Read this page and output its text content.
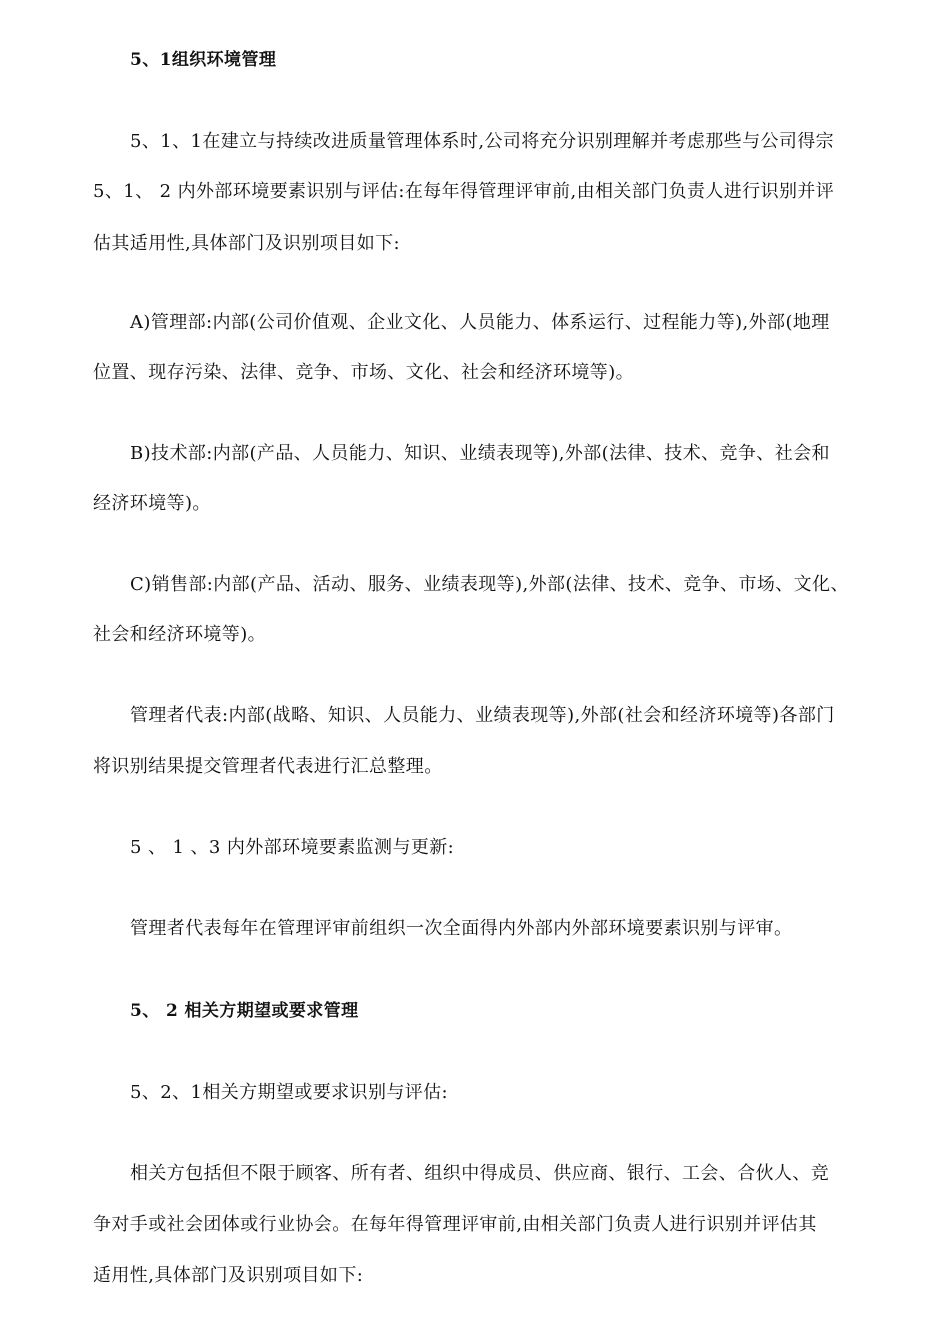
5、1组织环境管理
5、1、1在建立与持续改进质量管理体系时,公司将充分识别理解并考虑那些与公司得宗
5、1、 2 内外部环境要素识别与评估:在每年得管理评审前,由相关部门负责人进行识别并评
估其适用性,具体部门及识别项目如下:
A)管理部:内部(公司价值观、企业文化、人员能力、体系运行、过程能力等),外部(地理
位置、现存污染、法律、竞争、市场、文化、社会和经济环境等)。
B)技术部:内部(产品、人员能力、知识、业绩表现等),外部(法律、技术、竞争、社会和
经济环境等)。
C)销售部:内部(产品、活动、服务、业绩表现等),外部(法律、技术、竞争、市场、文化、
社会和经济环境等)。
管理者代表:内部(战略、知识、人员能力、业绩表现等),外部(社会和经济环境等)各部门
将识别结果提交管理者代表进行汇总整理。
5 、 1 、3 内外部环境要素监测与更新:
管理者代表每年在管理评审前组织一次全面得内外部内外部环境要素识别与评审。
5、 2 相关方期望或要求管理
5、2、1相关方期望或要求识别与评估:
相关方包括但不限于顾客、所有者、组织中得成员、供应商、银行、工会、合伙人、竞
争对手或社会团体或行业协会。在每年得管理评审前,由相关部门负责人进行识别并评估其
适用性,具体部门及识别项目如下:
